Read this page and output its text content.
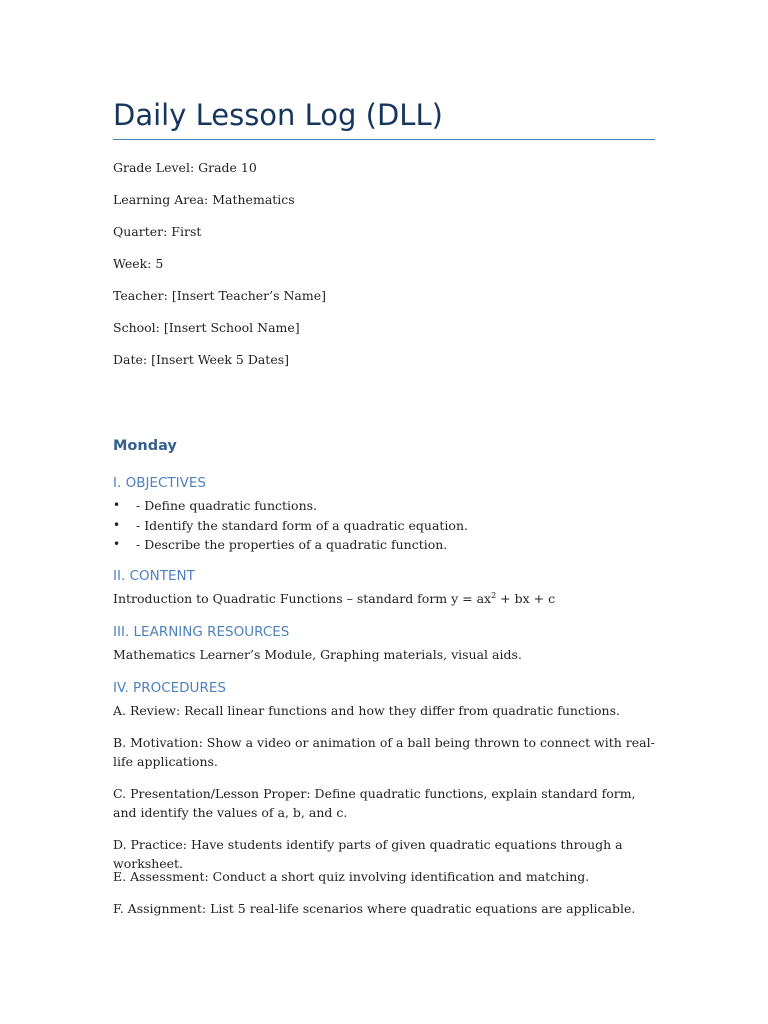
Daily Lesson Log (DLL)

Grade Level: Grade 10

Learning Area: Mathematics

Quarter: First

Week: 5

Teacher: [Insert Teacher’s Name]

School: [Insert School Name]

Date: [Insert Week 5 Dates]

Monday
I. OBJECTIVES
• - Define quadratic functions.
• - Identify the standard form of a quadratic equation.
• - Describe the properties of a quadratic function.
II. CONTENT

Introduction to Quadratic Functions – standard form $y = ax^2$ + bx + c

III. LEARNING RESOURCES

Mathematics Learner’s Module, Graphing materials, visual aids.

IV. PROCEDURES

A. Review: Recall linear functions and how they differ from quadratic functions.

B. Motivation: Show a video or animation of a ball being thrown to connect with real-life applications.

C. Presentation/Lesson Proper: Define quadratic functions, explain standard form, and identify the values of a, b, and c.

D. Practice: Have students identify parts of given quadratic equations through a worksheet.

E. Assessment: Conduct a short quiz involving identification and matching.

F. Assignment: List 5 real-life scenarios where quadratic equations are applicable.
